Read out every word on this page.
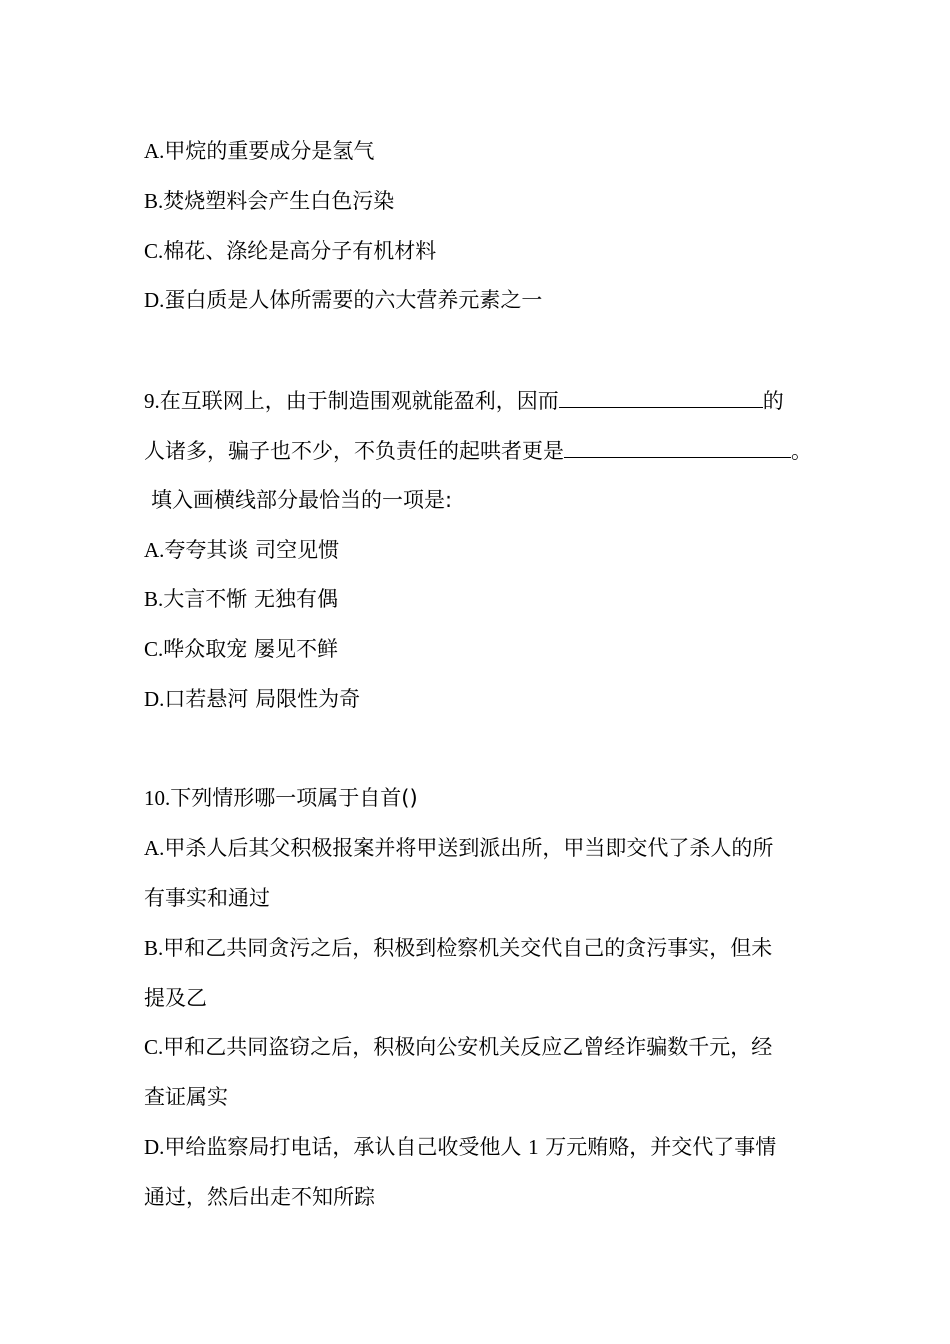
A.甲烷的重要成分是氢气
B.焚烧塑料会产生白色污染
C.棉花、涤纶是高分子有机材料
D.蛋白质是人体所需要的六大营养元素之一
9.在互联网上，由于制造围观就能盈利，因而	的
人诸多，骗子也不少，不负责任的起哄者更是	。
填入画横线部分最恰当的一项是:
A.夸夸其谈 司空见惯
B.大言不惭 无独有偶
C.哗众取宠 屡见不鲜
D.口若悬河 局限性为奇
10.下列情形哪一项属于自首()
A.甲杀人后其父积极报案并将甲送到派出所，甲当即交代了杀人的所
有事实和通过
B.甲和乙共同贪污之后，积极到检察机关交代自己的贪污事实，但未
提及乙
C.甲和乙共同盗窃之后，积极向公安机关反应乙曾经诈骗数千元，经
查证属实
D.甲给监察局打电话，承认自己收受他人 1 万元贿赂，并交代了事情
通过，然后出走不知所踪
